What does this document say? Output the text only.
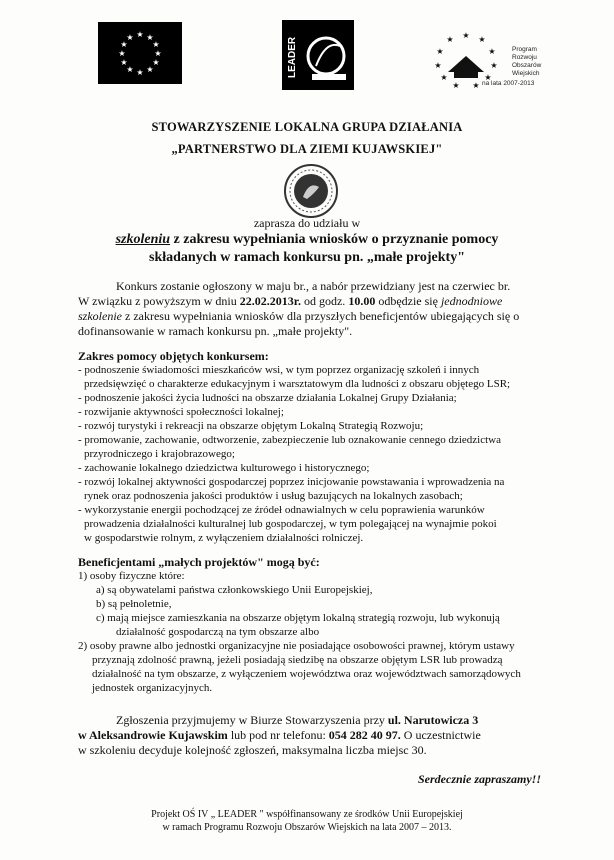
★ ★
★
★
★
★
★
★
★
★
★
★	LEADER
★ ★
★
★
★
★
★
★
★
★
★
Program
Rozwoju
Obszarów
Wiejskich
na lata 2007-2013
STOWARZYSZENIE LOKALNA GRUPA DZIAŁANIA
„PARTNERSTWO DLA ZIEMI KUJAWSKIEJ"
zaprasza do udziału w
szkoleniu z zakresu wypełniania wniosków o przyznanie pomocy
składanych w ramach konkursu pn. „małe projekty"
Konkurs zostanie ogłoszony w maju br., a nabór przewidziany jest na czerwiec br.
W związku z powyższym w dniu 22.02.2013r. od godz. 10.00 odbędzie się jednodniowe
szkolenie z zakresu wypełniania wniosków dla przyszłych beneficjentów ubiegających się o
dofinansowanie w ramach konkursu pn. „małe projekty".
Zakres pomocy objętych konkursem:
- podnoszenie świadomości mieszkańców wsi, w tym poprzez organizację szkoleń i innych
przedsięwzięć o charakterze edukacyjnym i warsztatowym dla ludności z obszaru objętego LSR;
- podnoszenie jakości życia ludności na obszarze działania Lokalnej Grupy Działania;
- rozwijanie aktywności społeczności lokalnej;
- rozwój turystyki i rekreacji na obszarze objętym Lokalną Strategią Rozwoju;
- promowanie, zachowanie, odtworzenie, zabezpieczenie lub oznakowanie cennego dziedzictwa
przyrodniczego i krajobrazowego;
- zachowanie lokalnego dziedzictwa kulturowego i historycznego;
- rozwój lokalnej aktywności gospodarczej poprzez inicjowanie powstawania i wprowadzenia na
rynek oraz podnoszenia jakości produktów i usług bazujących na lokalnych zasobach;
- wykorzystanie energii pochodzącej ze źródeł odnawialnych w celu poprawienia warunków
prowadzenia działalności kulturalnej lub gospodarczej, w tym polegającej na wynajmie pokoi
w gospodarstwie rolnym, z wyłączeniem działalności rolniczej.
Beneficjentami „małych projektów" mogą być:
1) osoby fizyczne które:
a) są obywatelami państwa członkowskiego Unii Europejskiej,
b) są pełnoletnie,
c) mają miejsce zamieszkania na obszarze objętym lokalną strategią rozwoju, lub wykonują
działalność gospodarczą na tym obszarze albo
2) osoby prawne albo jednostki organizacyjne nie posiadające osobowości prawnej, którym ustawy
przyznają zdolność prawną, jeżeli posiadają siedzibę na obszarze objętym LSR lub prowadzą
działalność na tym obszarze, z wyłączeniem województwa oraz województwach samorządowych
jednostek organizacyjnych.
Zgłoszenia przyjmujemy w Biurze Stowarzyszenia przy ul. Narutowicza 3
w Aleksandrowie Kujawskim lub pod nr telefonu: 054 282 40 97. O uczestnictwie
w szkoleniu decyduje kolejność zgłoszeń, maksymalna liczba miejsc 30.
Serdecznie zapraszamy!!
Projekt OŚ IV „ LEADER " współfinansowany ze środków Unii Europejskiej
w ramach Programu Rozwoju Obszarów Wiejskich na lata 2007 – 2013.
